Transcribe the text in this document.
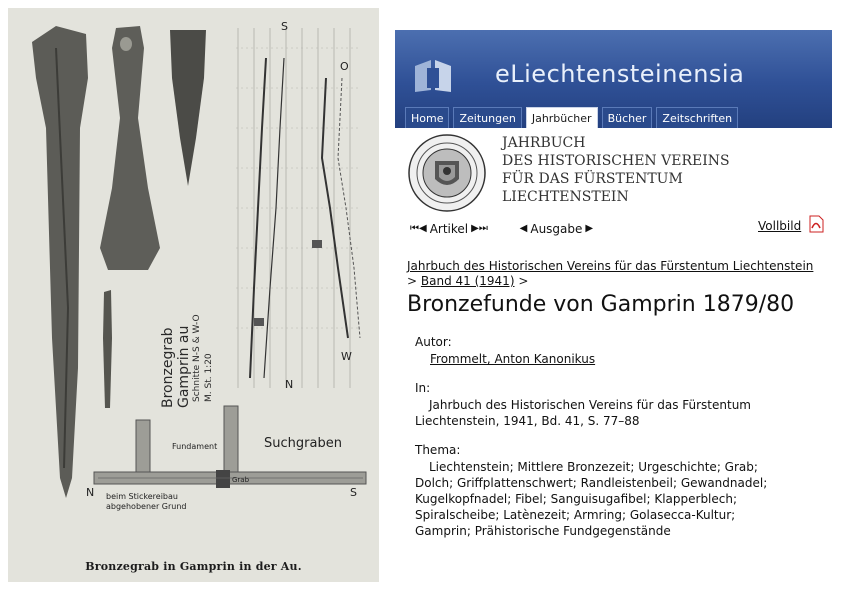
Bronzegrab Gamprin au Schnitte N-S & W-O M. St. 1:20
S
O
N
W
Fundament	Suchgraben
beim Stickereibau
abgehobener Grund
Grab
N	S
Bronzegrab in Gamprin in der Au.
eLiechtensteinensia
Home	Zeitungen	Jahrbücher	Bücher	Zeitschriften
JAHRBUCH
DES HISTORISCHEN VEREINS
FÜR DAS FÜRSTENTUM
LIECHTENSTEIN
⏮ ◀ Artikel ▶ ⏭
	◀ Ausgabe ▶	Vollbild
Jahrbuch des Historischen Vereins für das Fürstentum Liechtenstein > Band 41 (1941) >
Bronzefunde von Gamprin 1879/80
Autor:
Frommelt, Anton Kanonikus
In:
Jahrbuch des Historischen Vereins für das Fürstentum
Liechtenstein, 1941, Bd. 41, S. 77–88
Thema:
Liechtenstein; Mittlere Bronzezeit; Urgeschichte; Grab;
Dolch; Griffplattenschwert; Randleistenbeil; Gewandnadel;
Kugelkopfnadel; Fibel; Sanguisugafibel; Klapperblech;
Spiralscheibe; Latènezeit; Armring; Golasecca-Kultur;
Gamprin; Prähistorische Fundgegenstände
